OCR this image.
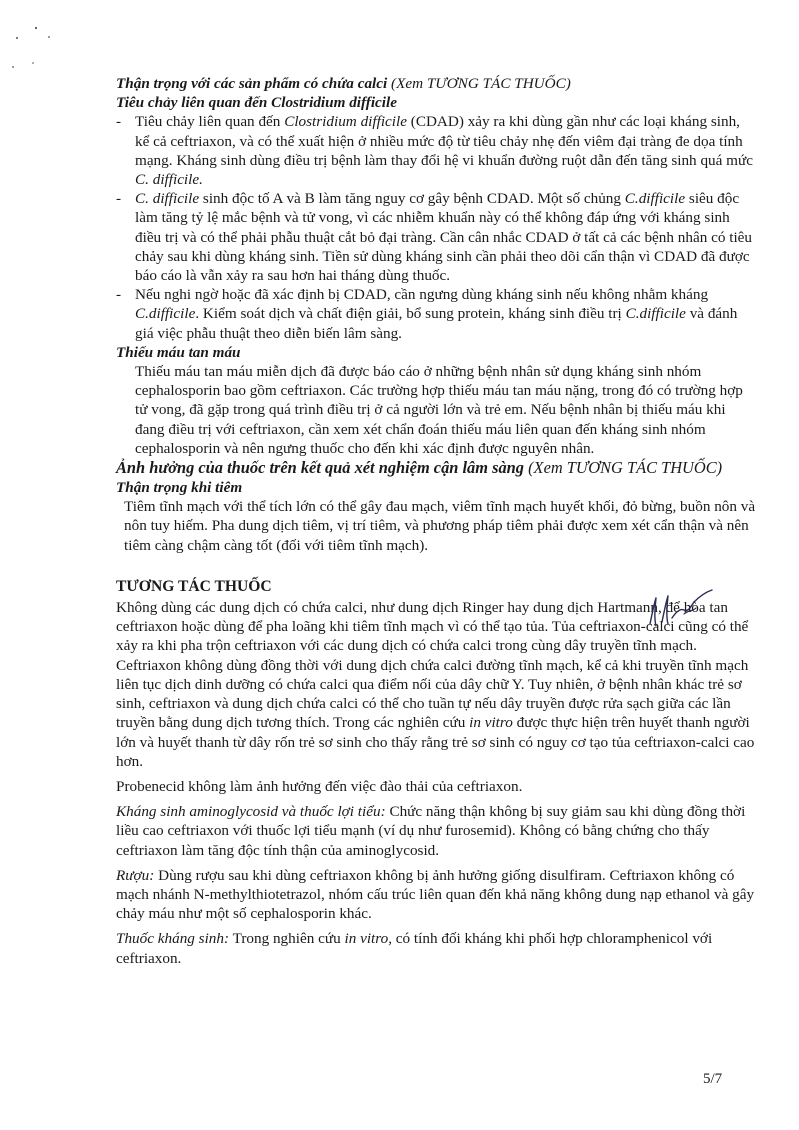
Thận trọng với các sản phẩm có chứa calci (Xem TƯƠNG TÁC THUỐC)

Tiêu chảy liên quan đến Clostridium difficile

- Tiêu chảy liên quan đến Clostridium difficile (CDAD) xảy ra khi dùng gần như các loại kháng sinh, kể cả ceftriaxon, và có thể xuất hiện ở nhiều mức độ từ tiêu chảy nhẹ đến viêm đại tràng đe dọa tính mạng. Kháng sinh dùng điều trị bệnh làm thay đổi hệ vi khuẩn đường ruột dẫn đến tăng sinh quá mức C. difficile.

- C. difficile sinh độc tố A và B làm tăng nguy cơ gây bệnh CDAD. Một số chủng C.difficile siêu độc làm tăng tỷ lệ mắc bệnh và tử vong, vì các nhiễm khuẩn này có thể không đáp ứng với kháng sinh điều trị và có thể phải phẫu thuật cắt bỏ đại tràng. Cần cân nhắc CDAD ở tất cả các bệnh nhân có tiêu chảy sau khi dùng kháng sinh. Tiền sử dùng kháng sinh cần phải theo dõi cẩn thận vì CDAD đã được báo cáo là vẫn xảy ra sau hơn hai tháng dùng thuốc.

- Nếu nghi ngờ hoặc đã xác định bị CDAD, cần ngưng dùng kháng sinh nếu không nhằm kháng C.difficile. Kiểm soát dịch và chất điện giải, bổ sung protein, kháng sinh điều trị C.difficile và đánh giá việc phẫu thuật theo diễn biến lâm sàng.

Thiếu máu tan máu

Thiếu máu tan máu miễn dịch đã được báo cáo ở những bệnh nhân sử dụng kháng sinh nhóm cephalosporin bao gồm ceftriaxon. Các trường hợp thiếu máu tan máu nặng, trong đó có trường hợp tử vong, đã gặp trong quá trình điều trị ở cả người lớn và trẻ em. Nếu bệnh nhân bị thiếu máu khi đang điều trị với ceftriaxon, cần xem xét chẩn đoán thiếu máu liên quan đến kháng sinh nhóm cephalosporin và nên ngưng thuốc cho đến khi xác định được nguyên nhân.

Ảnh hưởng của thuốc trên kết quả xét nghiệm cận lâm sàng (Xem TƯƠNG TÁC THUỐC)

Thận trọng khi tiêm

Tiêm tĩnh mạch với thể tích lớn có thể gây đau mạch, viêm tĩnh mạch huyết khối, đỏ bừng, buồn nôn và nôn tuy hiếm. Pha dung dịch tiêm, vị trí tiêm, và phương pháp tiêm phải được xem xét cẩn thận và nên tiêm càng chậm càng tốt (đối với tiêm tĩnh mạch).

TƯƠNG TÁC THUỐC

Không dùng các dung dịch có chứa calci, như dung dịch Ringer hay dung dịch Hartmann, để hòa tan ceftriaxon hoặc dùng để pha loãng khi tiêm tĩnh mạch vì có thể tạo tủa. Tủa ceftriaxon-calci cũng có thể xảy ra khi pha trộn ceftriaxon với các dung dịch có chứa calci trong cùng dây truyền tĩnh mạch. Ceftriaxon không dùng đồng thời với dung dịch chứa calci đường tĩnh mạch, kể cả khi truyền tĩnh mạch liên tục dịch dinh dưỡng có chứa calci qua điểm nối của dây chữ Y. Tuy nhiên, ở bệnh nhân khác trẻ sơ sinh, ceftriaxon và dung dịch chứa calci có thể cho tuần tự nếu dây truyền được rửa sạch giữa các lần truyền bằng dung dịch tương thích. Trong các nghiên cứu in vitro được thực hiện trên huyết thanh người lớn và huyết thanh từ dây rốn trẻ sơ sinh cho thấy rằng trẻ sơ sinh có nguy cơ tạo tủa ceftriaxon-calci cao hơn.

Probenecid không làm ảnh hưởng đến việc đào thải của ceftriaxon.

Kháng sinh aminoglycosid và thuốc lợi tiểu: Chức năng thận không bị suy giảm sau khi dùng đồng thời liều cao ceftriaxon với thuốc lợi tiểu mạnh (ví dụ như furosemid). Không có bằng chứng cho thấy ceftriaxon làm tăng độc tính thận của aminoglycosid.

Rượu: Dùng rượu sau khi dùng ceftriaxon không bị ảnh hưởng giống disulfiram. Ceftriaxon không có mạch nhánh N-methylthiotetrazol, nhóm cấu trúc liên quan đến khả năng không dung nạp ethanol và gây chảy máu như một số cephalosporin khác.

Thuốc kháng sinh: Trong nghiên cứu in vitro, có tính đối kháng khi phối hợp chloramphenicol với ceftriaxon.

5/7
